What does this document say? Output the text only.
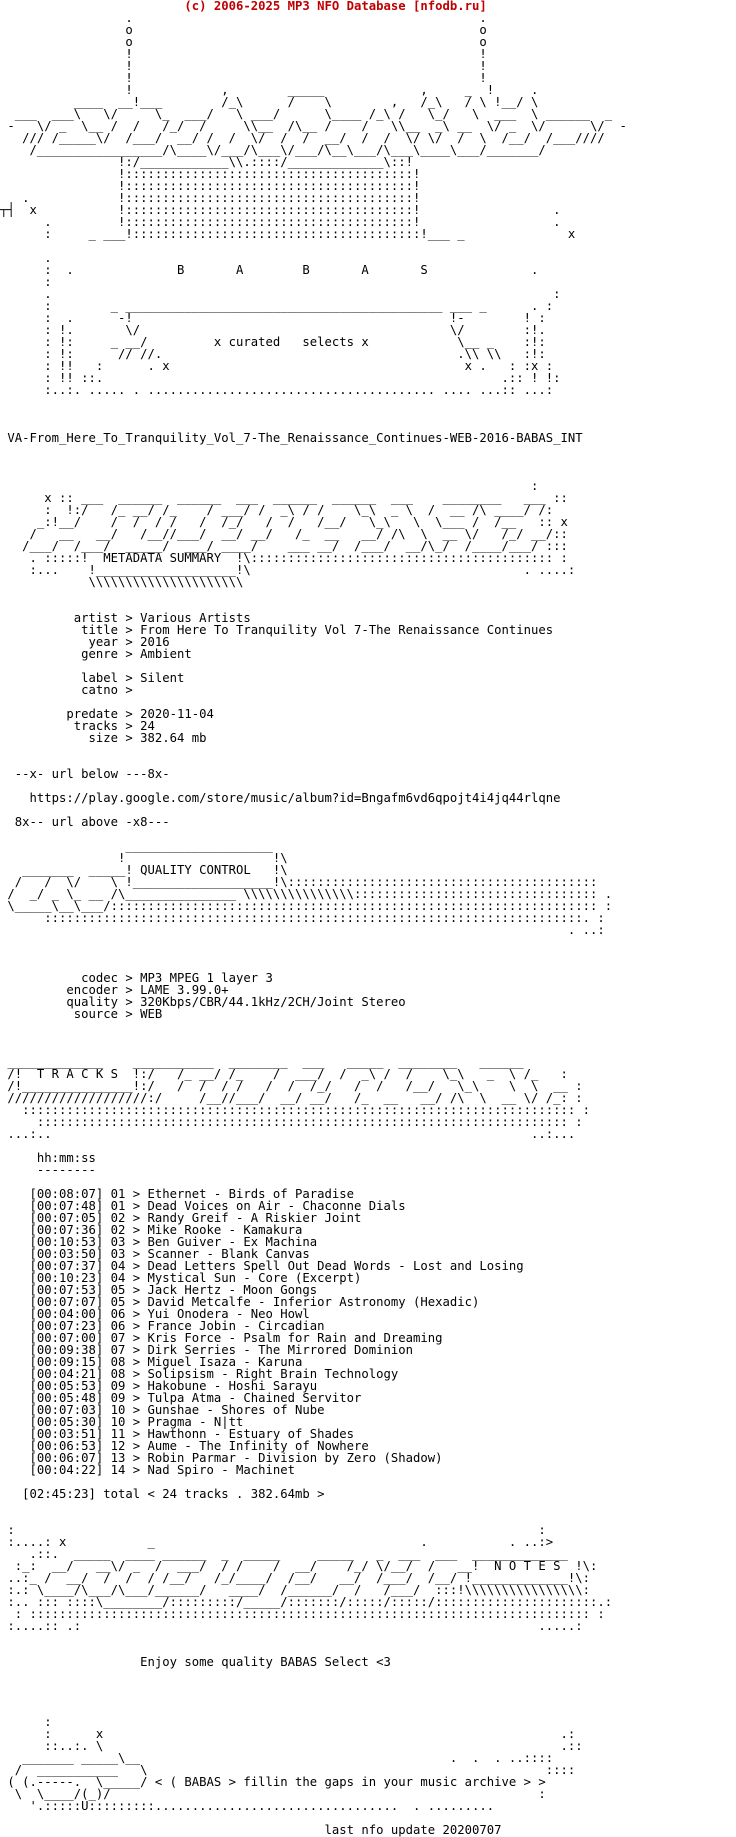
(c) 2006-2025 MP3 NFO Database [nfodb.ru]
.                                               .
o                                               o
o                                               o
!                                               !
!                                               !
!                                               !
!            ,        _____             ,     _  !     .
____  __!___        /_\      /    \        ,   /_\   / \ !__/ \
___  ___\   \/     \_  ___/   \ ___/      \____ /_\ /   \_/   \  ___  \ ______  _
-   \/ _  \__ /  /   /_/  /     \\__  /\__ /    /   \\__  _\ __  \/ _  \/      \/  -
/// /_____\/  /___/  __/ /  /  \/  /  /  __/  /  /  \/ \/  /  \  /__/  /___////
/_________________/\____\/___/\___\/___/\__\___/\___\____\___/_______/
!:/____________\\.::::/_____________\::!
!:::::::::::::::::::::::::::::::::::::::!
!:::::::::::::::::::::::::::::::::::::::!
.            !:::::::::::::::::::::::::::::::::::::::!
┬┤  x           !:::::::::::::::::::::::::::::::::::::::!                  .
.         !:::::::::::::::::::::::::::::::::::::::!                  .
:     _ ___!:::::::::::::::::::::::::::::::::::::::!___ _              x

.
:  .              B       A        B       A       S              .
:
.                                                                    :
:        _ ___________________________________________ ___ _      . :
:  .      -!                                           !-        ! :
: !.       \/                                          \/        :!.
: !:     _ __/         x curated   selects x            \__ _    :!:
: !:      // //.                                        .\\ \\   :!:
: !!   :      . x                                        x .   : :x :
: !! ::.                                                      .:: ! !:
:..:. ..... . ....................................... .... ...:: ...:

VA-From_Here_To_Tranquility_Vol_7-The_Renaissance_Continues-WEB-2016-BABAS_INT

:
x :: ___  ______  ______  ___  ______  ______  ___    ________   ___ ::
:  !:/   /_ __/ /_    / ___/ /  _\ / /    \_\  _ \  /  __ /\ ____/ /:
_:!__/    /  /  / /   /  /_/   /  /   /__/   \_\   \  \___ /  /__   :: x
/   __   __/   /__//___/  __/ __/   /_  __   __/ /\  \  __ \/   /_/ __/::
/___/  /___/  _____/  ___/ ____/    ___ __/  /___/  __/\_/  /____/___/ :::
. :::::!  METADATA SUMMARY  !\::::::::::::::::::::::::::::::::::::::::: :
:...    !___________________!\                                     . ....:
\\\\\\\\\\\\\\\\\\\\\

artist > Various Artists
title > From Here To Tranquility Vol 7-The Renaissance Continues
year > 2016
genre > Ambient

label > Silent
catno >

predate > 2020-11-04
tracks > 24
size > 382.64 mb

--x- url below ---8x-

https://play.google.com/store/music/album?id=Bngafm6vd6qpojt4i4jq44rlqne

8x-- url above -x8---

____________________
!                    !\
_______  _____! QUALITY CONTROL   !\
/   /  \/    \ !___________________!\::::::::::::::::::::::::::::::::::::::::::
/  _/ _ \_ __ /\_______________ \\\\\\\\\\\\\\\::::::::::::::::::::::::::::::::: .
\_____\__\___/:::::::::::::::::::::::::::::::::::::::::::::::::::::::::::::::::: :
:::::::::::::::::::::::::::::::::::::::::::::::::::::::::::::::::::::::::. :
. ..:

codec > MP3 MPEG 1 layer 3
encoder > LAME 3.99.0+
quality > 320Kbps/CBR/44.1kHz/2CH/Joint Stereo
source > WEB

_____________    ___________  ________  ___   _____  ________   ______
/!  T R A C K S  !:/   /_ __/ /_    /  ___/  /  _\ /  /    \_\   _  \ /_   :
/!_______________!:/   /  /  / /   /  /  /_/   /  /   /__/   \_\    \  \  __ :
///////////////////:/     /__//___/  __/ __/   /_  __   __/ /\  \  __ \/ /_: :
::::::::::::::::::::::::::::::::::::::::::::::::::::::::::::::::::::::::::: :
:::::::::::::::::::::::::::::::::::::::::::::::::::::::::::::::::::::::: :
...:..                                                                 ..:...

hh:mm:ss
--------

[00:08:07] 01 > Ethernet - Birds of Paradise
[00:07:48] 01 > Dead Voices on Air - Chaconne Dials
[00:07:05] 02 > Randy Greif - A Riskier Joint
[00:07:36] 02 > Mike Rooke - Kamakura
[00:10:53] 03 > Ben Guiver - Ex Machina
[00:03:50] 03 > Scanner - Blank Canvas
[00:07:37] 04 > Dead Letters Spell Out Dead Words - Lost and Losing
[00:10:23] 04 > Mystical Sun - Core (Excerpt)
[00:07:53] 05 > Jack Hertz - Moon Gongs
[00:07:07] 05 > David Metcalfe - Inferior Astronomy (Hexadic)
[00:04:00] 06 > Yui Onodera - Neo Howl
[00:07:23] 06 > France Jobin - Circadian
[00:07:00] 07 > Kris Force - Psalm for Rain and Dreaming
[00:09:38] 07 > Dirk Serries - The Mirrored Dominion
[00:09:15] 08 > Miguel Isaza - Karuna
[00:04:21] 08 > Solipsism - Right Brain Technology
[00:05:53] 09 > Hakobune - Hoshi Sarayu
[00:05:48] 09 > Tulpa Atma - Chained Servitor
[00:07:03] 10 > Gunshae - Shores of Nube
[00:05:30] 10 > Pragma - N|tt
[00:03:51] 11 > Hawthonn - Estuary of Shades
[00:06:53] 12 > Aume - The Infinity of Nowhere
[00:06:07] 13 > Robin Parmar - Division by Zero (Shadow)
[00:04:22] 14 > Nad Spiro - Machinet

[02:45:23] total < 24 tracks . 382.64mb >

:                                                                       :
:....: x           _                                    .           . ..:>
.::.  _____  ____ ______  _  _____     _____   _  ___  ___  _____________
:_:  __/   __\/ _  /  ___/  / /    /  __/    /_/ \/__/  /   __!  N O T E S  !\:
..:_ /  __/  /  /  / /__/   /_/____/  /__/   __/  /___/  /__/ !_____________!\:
:.: \____/\___/\___/______/   ____/  /______/  /   /___/  :::!\\\\\\\\\\\\\\\\:
:.. ::: ::::\________/:::::::::/_____/:::::::/:::::/:::::/::::::::::::::::::::::.:
: :::::::::::::::::::::::::::::::::::::::::::::::::::::::::::::::::::::::::::: :
:....:: .:                                                              .....:

Enjoy some quality BABAS Select <3

:
:      x                                                              .:
::..:. \                                                              .::
_______ _____\__                                          .  .  . ..::::
/  ___________   \                                                      ::::
( (.-----.  \_____/ < ( BABAS > fillin the gaps in your music archive > >
\  \____/(_)/                                                          :
'.:::::U:::::::::.................................  . .........

last nfo update 20200707
